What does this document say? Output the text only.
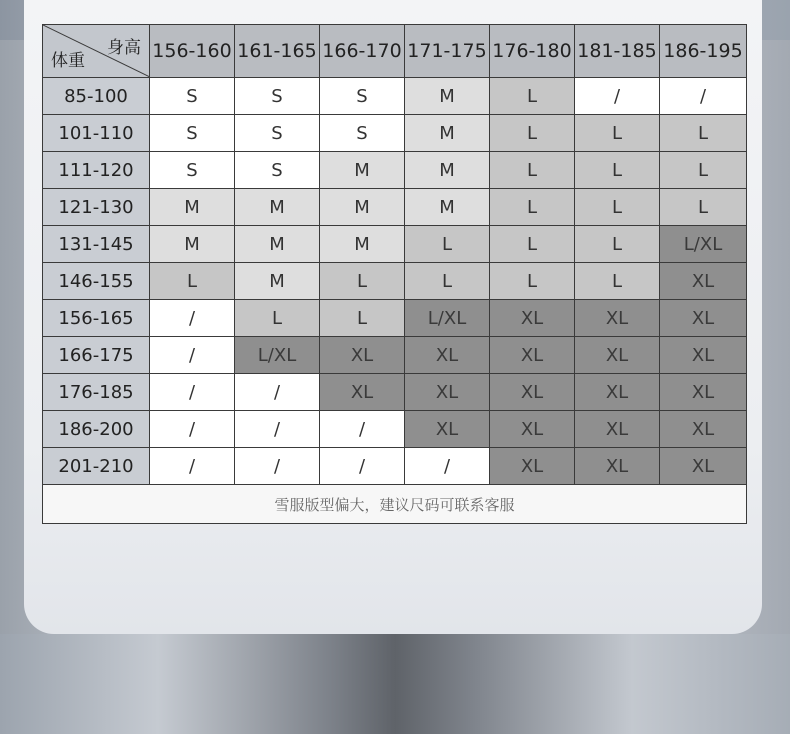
身高
体重	156-160	161-165	166-170	171-175	176-180	181-185	186-195
85-100	S	S	S	M	L	/	/
101-110	S	S	S	M	L	L	L
111-120	S	S	M	M	L	L	L
121-130	M	M	M	M	L	L	L
131-145	M	M	M	L	L	L	L/XL
146-155	L	M	L	L	L	L	XL
156-165	/	L	L	L/XL	XL	XL	XL
166-175	/	L/XL	XL	XL	XL	XL	XL
176-185	/	/	XL	XL	XL	XL	XL
186-200	/	/	/	XL	XL	XL	XL
201-210	/	/	/	/	XL	XL	XL
雪服版型偏大，建议尺码可联系客服							
